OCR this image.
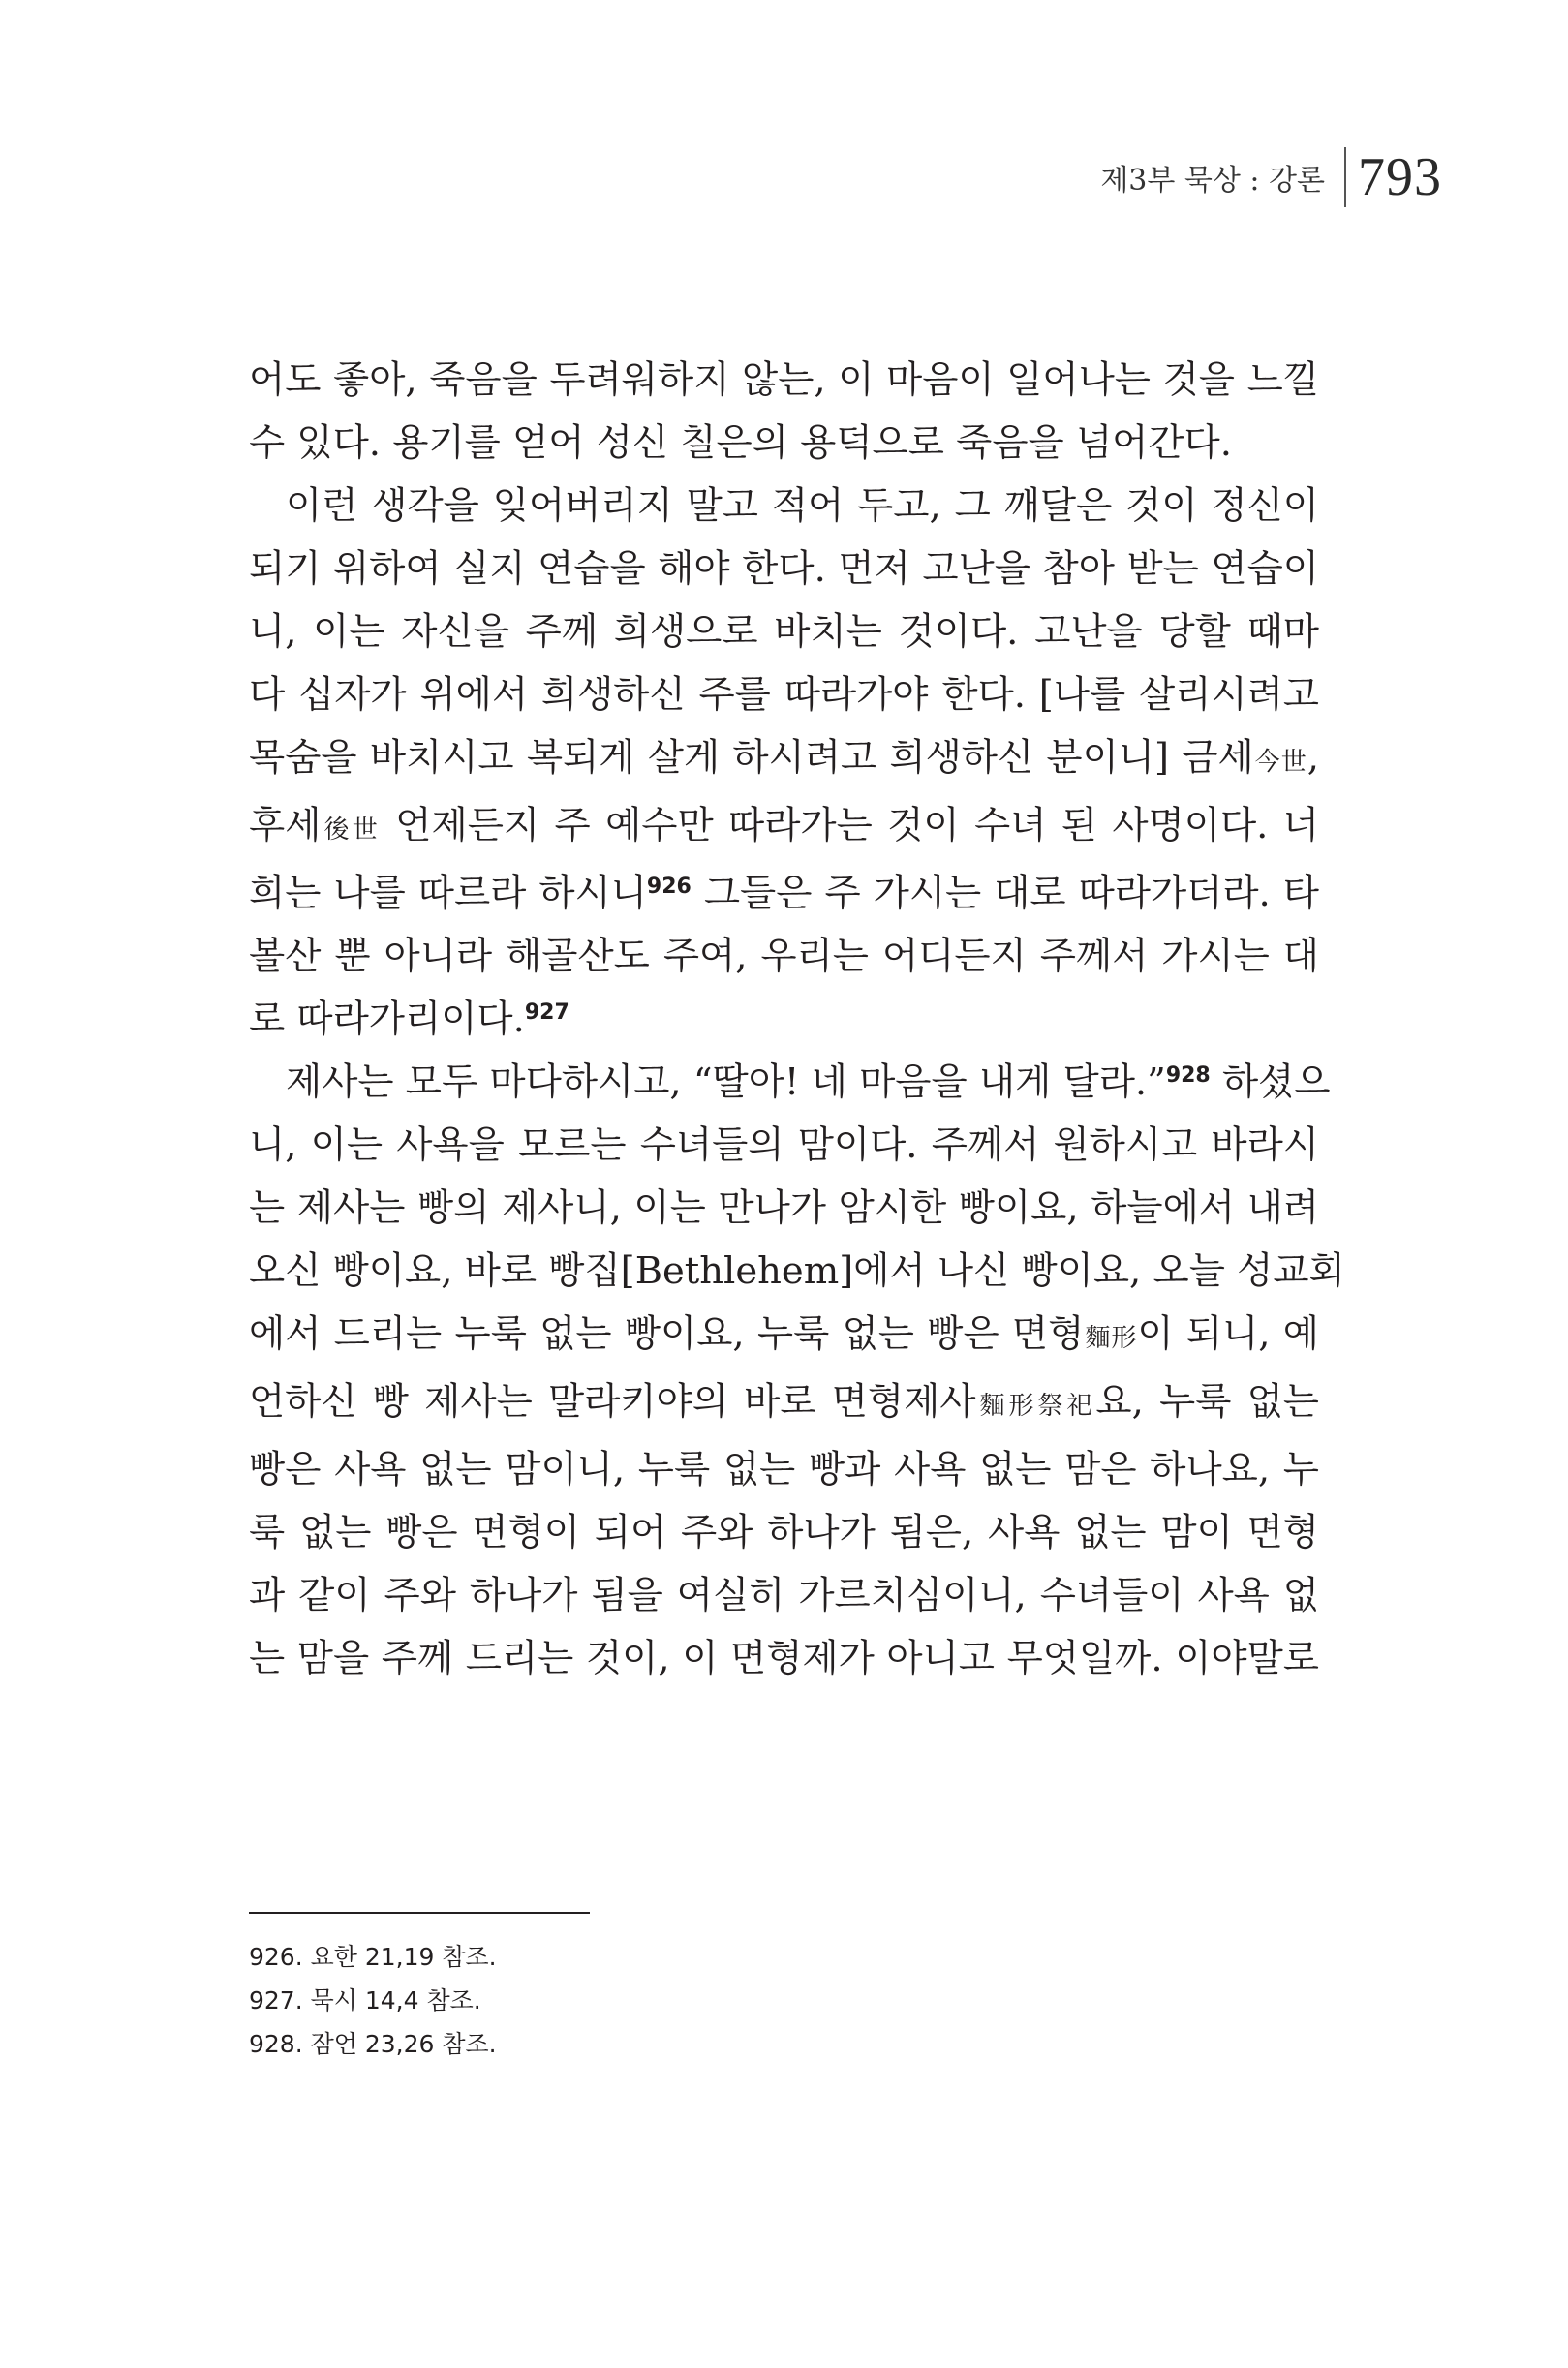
제3부 묵상 : 강론 793

어도 좋아, 죽음을 두려워하지 않는, 이 마음이 일어나는 것을 느낄
수 있다. 용기를 얻어 성신 칠은의 용덕으로 죽음을 넘어간다.

이런 생각을 잊어버리지 말고 적어 두고, 그 깨달은 것이 정신이
되기 위하여 실지 연습을 해야 한다. 먼저 고난을 참아 받는 연습이
니, 이는 자신을 주께 희생으로 바치는 것이다. 고난을 당할 때마
다 십자가 위에서 희생하신 주를 따라가야 한다. [나를 살리시려고
목숨을 바치시고 복되게 살게 하시려고 희생하신 분이니] 금세今世,
후세後世 언제든지 주 예수만 따라가는 것이 수녀 된 사명이다. 너
희는 나를 따르라 하시니$^{926}$ 그들은 주 가시는 대로 따라가더라. 타
볼산 뿐 아니라 해골산도 주여, 우리는 어디든지 주께서 가시는 대
로 따라가리이다.$^{927}$

제사는 모두 마다하시고, “딸아! 네 마음을 내게 달라.”$^{928}$ 하셨으
니, 이는 사욕을 모르는 수녀들의 맘이다. 주께서 원하시고 바라시
는 제사는 빵의 제사니, 이는 만나가 암시한 빵이요, 하늘에서 내려
오신 빵이요, 바로 빵집[Bethlehem]에서 나신 빵이요, 오늘 성교회
에서 드리는 누룩 없는 빵이요, 누룩 없는 빵은 면형麵形이 되니, 예
언하신 빵 제사는 말라키야의 바로 면형제사麵形祭祀요, 누룩 없는
빵은 사욕 없는 맘이니, 누룩 없는 빵과 사욕 없는 맘은 하나요, 누
룩 없는 빵은 면형이 되어 주와 하나가 됨은, 사욕 없는 맘이 면형
과 같이 주와 하나가 됨을 여실히 가르치심이니, 수녀들이 사욕 없
는 맘을 주께 드리는 것이, 이 면형제가 아니고 무엇일까. 이야말로

926. 요한 21,19 참조.
927. 묵시 14,4 참조.
928. 잠언 23,26 참조.
